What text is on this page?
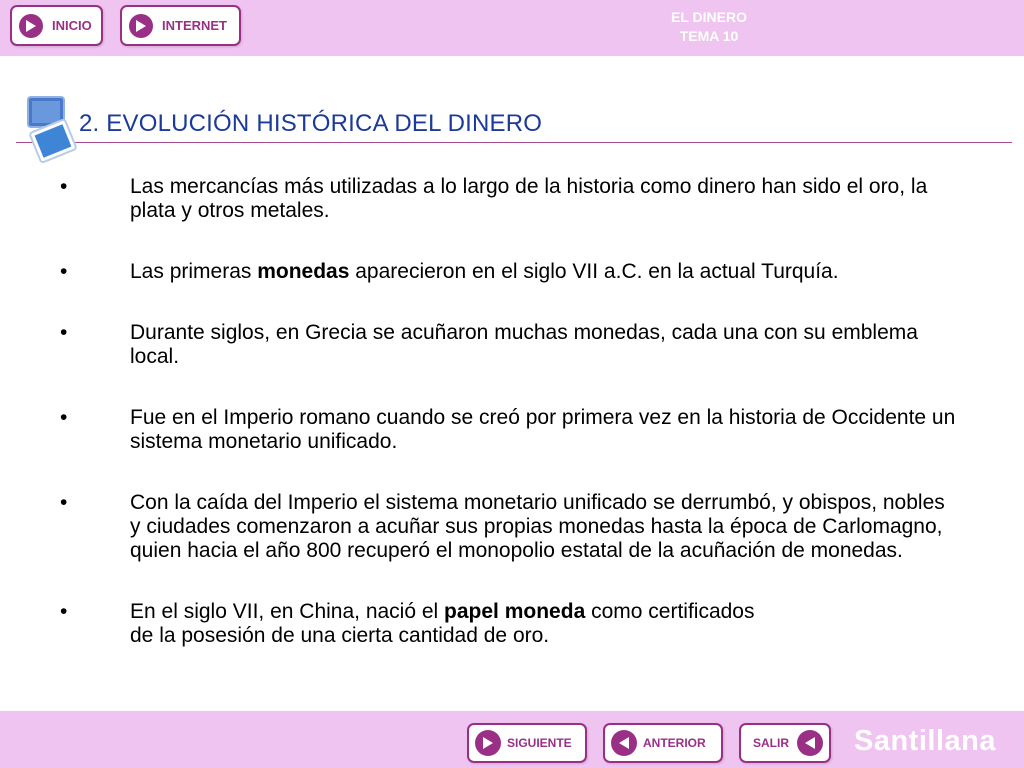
INICIO	INTERNET
EL DINERO
TEMA 10
2. EVOLUCIÓN HISTÓRICA DEL DINERO
• Las mercancías más utilizadas a lo largo de la historia como dinero han sido el oro, la plata y otros metales.
• Las primeras monedas aparecieron en el siglo VII a.C. en la actual Turquía.
• Durante siglos, en Grecia se acuñaron muchas monedas, cada una con su emblema local.
• Fue en el Imperio romano cuando se creó por primera vez en la historia de Occidente un sistema monetario unificado.
• Con la caída del Imperio el sistema monetario unificado se derrumbó, y obispos, nobles y ciudades comenzaron a acuñar sus propias monedas hasta la época de Carlomagno, quien hacia el año 800 recuperó el monopolio estatal de la acuñación de monedas.
• En el siglo VII, en China, nació el papel moneda como certificados
de la posesión de una cierta cantidad de oro.
SIGUIENTE	ANTERIOR	SALIR Santillana
